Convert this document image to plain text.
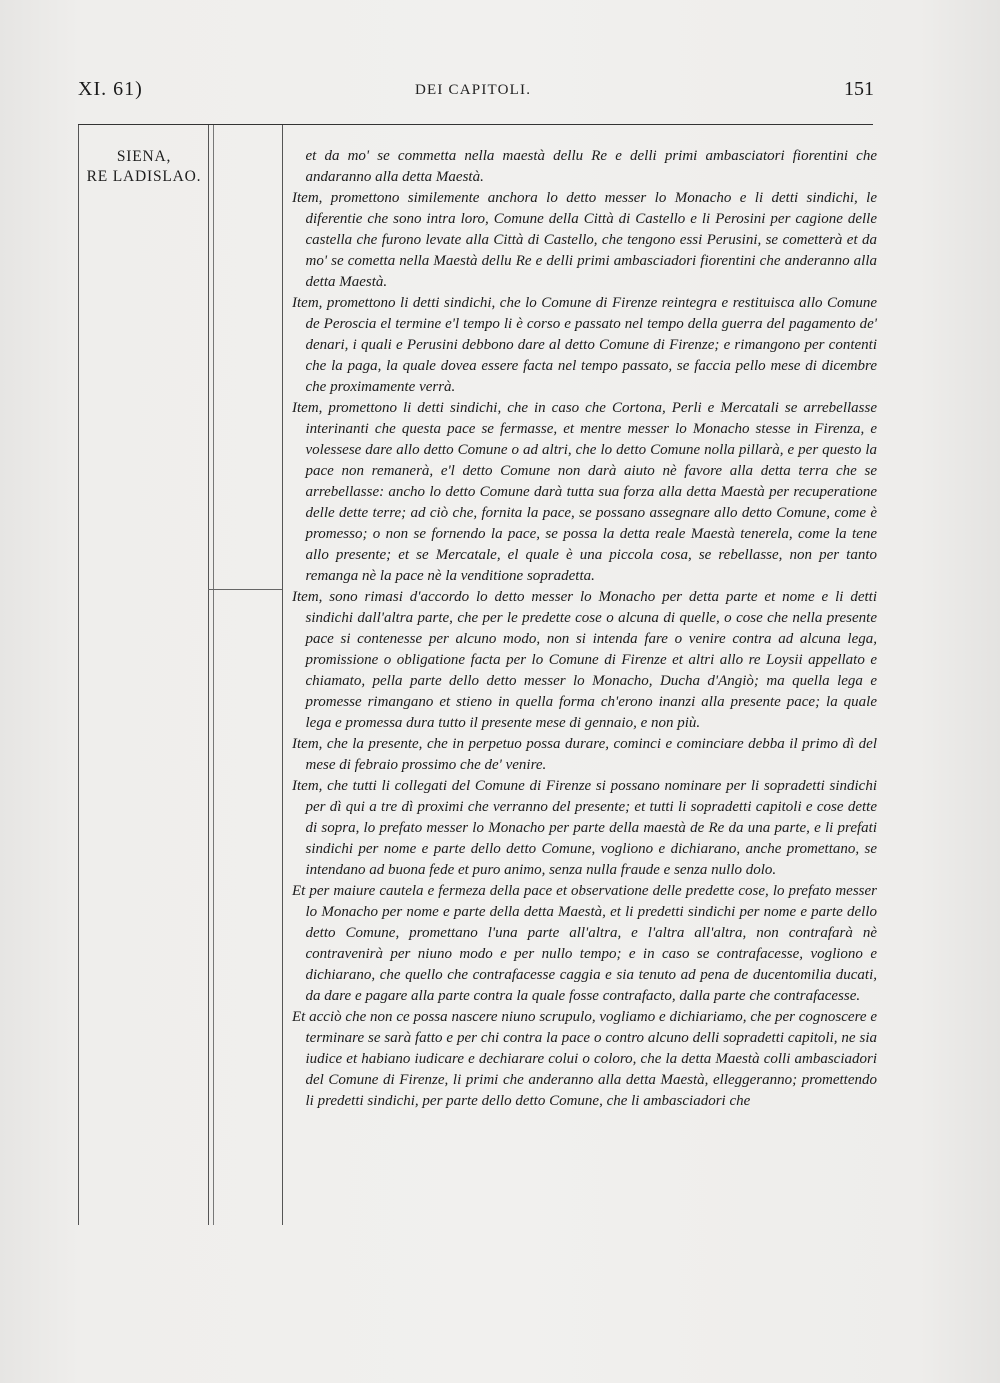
XI. 61)	DEI CAPITOLI.	151
SIENA,
RE LADISLAO.

et da mo' se commetta nella maestà dellu Re e delli primi ambasciatori fiorentini che andaranno alla detta Maestà.

Item, promettono similemente anchora lo detto messer lo Monacho e li detti sindichi, le diferentie che sono intra loro, Comune della Città di Castello e li Perosini per cagione delle castella che furono levate alla Città di Castello, che tengono essi Perusini, se cometterà et da mo' se cometta nella Maestà dellu Re e delli primi ambasciadori fiorentini che anderanno alla detta Maestà.

Item, promettono li detti sindichi, che lo Comune di Firenze reintegra e restituisca allo Comune de Peroscia el termine e'l tempo li è corso e passato nel tempo della guerra del pagamento de' denari, i quali e Perusini debbono dare al detto Comune di Firenze; e rimangono per contenti che la paga, la quale dovea essere facta nel tempo passato, se faccia pello mese di dicembre che proximamente verrà.

Item, promettono li detti sindichi, che in caso che Cortona, Perli e Mercatali se arrebellasse interinanti che questa pace se fermasse, et mentre messer lo Monacho stesse in Firenza, e volessese dare allo detto Comune o ad altri, che lo detto Comune nolla pillarà, e per questo la pace non remanerà, e'l detto Comune non darà aiuto nè favore alla detta terra che se arrebellasse: ancho lo detto Comune darà tutta sua forza alla detta Maestà per recuperatione delle dette terre; ad ciò che, fornita la pace, se possano assegnare allo detto Comune, come è promesso; o non se fornendo la pace, se possa la detta reale Maestà tenerela, come la tene allo presente; et se Mercatale, el quale è una piccola cosa, se rebellasse, non per tanto remanga nè la pace nè la venditione sopradetta.

Item, sono rimasi d'accordo lo detto messer lo Monacho per detta parte et nome e li detti sindichi dall'altra parte, che per le predette cose o alcuna di quelle, o cose che nella presente pace si contenesse per alcuno modo, non si intenda fare o venire contra ad alcuna lega, promissione o obligatione facta per lo Comune di Firenze et altri allo re Loysii appellato e chiamato, pella parte dello detto messer lo Monacho, Ducha d'Angiò; ma quella lega e promesse rimangano et stieno in quella forma ch'erono inanzi alla presente pace; la quale lega e promessa dura tutto il presente mese di gennaio, e non più.

Item, che la presente, che in perpetuo possa durare, cominci e cominciare debba il primo dì del mese di febraio prossimo che de' venire.

Item, che tutti li collegati del Comune di Firenze si possano nominare per li sopradetti sindichi per dì qui a tre dì proximi che verranno del presente; et tutti li sopradetti capitoli e cose dette di sopra, lo prefato messer lo Monacho per parte della maestà de Re da una parte, e li prefati sindichi per nome e parte dello detto Comune, vogliono e dichiarano, anche promettano, se intendano ad buona fede et puro animo, senza nulla fraude e senza nullo dolo.

Et per maiure cautela e fermeza della pace et observatione delle predette cose, lo prefato messer lo Monacho per nome e parte della detta Maestà, et li predetti sindichi per nome e parte dello detto Comune, promettano l'una parte all'altra, e l'altra all'altra, non contrafarà nè contravenirà per niuno modo e per nullo tempo; e in caso se contrafacesse, vogliono e dichiarano, che quello che contrafacesse caggia e sia tenuto ad pena de ducentomilia ducati, da dare e pagare alla parte contra la quale fosse contrafacto, dalla parte che contrafacesse.

Et acciò che non ce possa nascere niuno scrupulo, vogliamo e dichiariamo, che per cognoscere e terminare se sarà fatto e per chi contra la pace o contro alcuno delli sopradetti capitoli, ne sia iudice et habiano iudicare e dechiarare colui o coloro, che la detta Maestà colli ambasciadori del Comune di Firenze, li primi che anderanno alla detta Maestà, elleggeranno; promettendo li predetti sindichi, per parte dello detto Comune, che li ambasciadori che
